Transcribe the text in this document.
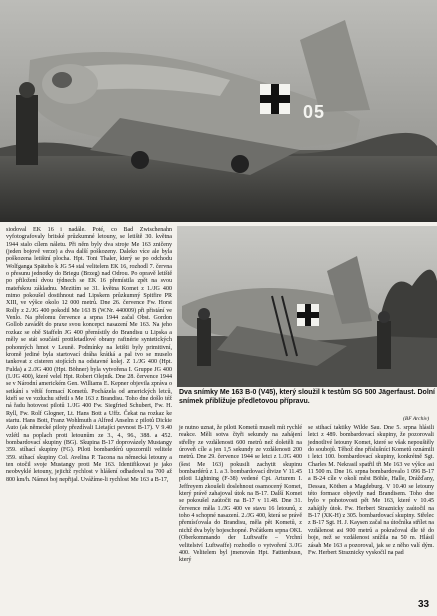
05

siodoval EK 16 i nadále. Poté, co Bad Zwischenahn vyfotografovaly britské průzkumné letouny, se letiště 30. května 1944 stalo cílem náletu. Při něm byly dva stroje Me 163 zničeny (jeden bojově verze) a dva další poškozeny. Daleko více ale byla poškozena letištní plocha. Hpt. Toni Thaler, který se po odchodu Wolfganga Späteho k JG 54 stal velitelem EK 16, rozhodl 7. června o přesunu jednotky do Briegu (Brzeg) nad Odrou. Po opravě letiště po přiložení dvou týdnech se EK 16 přemístila zpět na svou mateřskou základnu. Mezitím se 31. května Komet z 1./JG 400 mimo pokoušel dostihnout nad Lipskem průzkumný Spitfire PR XIII, ve výšce okolo 12 000 metrů. Dne 26. července Fw. Horst Rolly z 2./JG 400 pokodil Me 163 B (W.Nr. 440009) při přistání ve Venlo. Na přelomu července a srpna 1944 začal Obst. Gordon Gollob zavádět do praxe svou koncepci nasazení Me 163. Na jeho rozkaz se obě Staffeln JG 400 přemístily do Brandisu u Lipska a měly se stát součástí protiletadlové obrany rafinérie syntetických pohonných hmot v Leuně. Podmínky na letišti byly primitivní, kromě jediné byla startovací dráha krátká a pal tvo se muselo tankovat z cisteren stojících na odstavné kolej. Z 1./JG 400 (Hpt. Fulda) a 2./JG 400 (Hpt. Böhner) byla vytvořena I. Gruppe JG 400 (I./JG 400), které velel Hpt. Robert Olejnik. Dne 28. července 1944 se v Národní americkém Gen. Williams E. Kepner objevila zpráva o setkání s větší formací Kometů. Pocházela od amerických letců, kteří se ve vzduchu střetli s Me 163 z Brandisu. Toho dne došlo též ná řadu hotovost pilotů 1./JG 400 Fw. Siegfried Schubert, Fw. H. Ryll, Fw. Rolf Glogner, Lt. Hans Bott a Uffz. Čekat na rozkaz ke startu. Hans Bott, Franz Wohlmuth a Alfred Anselm z pilotů Dickie Auto (ak německé piloty přezdívali Lietajíci pevnost B-17). V 9.40 vzlétl na poplach proti letounům ze 3., 4., 96., 388. a 452. bombardovací skupiny (BG). Skupina B-17 doprovázely Mustangy 359. stíhací skupiny (FG). Piloti bombardérů upozornili velitele 359. stíhací skupiny Col. Avelina P. Tacona na německá letouny a ten otočil svoje Mustangy proti Me 163. Identifikovat je jako neobvyklé letouny, jejichž rychlost v hlášení odhadoval na 700 až 800 km/h. Námoi boj nepřijal. Uvážíme-li rychlost Me 163 a B-17,

Dva snímky Me 163 B-0 (V45), který sloužil k testům SG 500 Jägerfaust. Dolní snímek přibližuje předletovou přípravu.
(BF Archiv)

je nutno uznat, že piloti Kometů museli mít rychlé reakce. Měli sotva čtyři sekundy na zahájení střelby ze vzdálenosti 600 metrů než doletěli na úroveň cíle a jen 1,5 sekundy ze vzdálenosti 200 metrů. Dne 29. července 1944 se letci z 1./JG 400 (šest Me 163) pokusili zachytit skupinu bombardérů z 1. a 3. bombardovací divize V 11.45 piloti Lightning (F-38) vedené Cpt. Arturem I. Jeffreyem zkoušeli doslehnout osamocený Komet, který právě zahajoval útok na B-17. Další Komet se pokoušel zaútočit na B-17 v 11.48. Dne 31. července měla 1./JG 400 ve stavu 16 letounů, z toho 4 schopné nasazení. 2./JG 400, která se právě přemísťovala do Brandisu, měla pět Kometů, z nichž dva byly bojeschopné. Počátkem srpna OKL (Oberkommando der Luftwaffe – Vrchní velitelství Luftwaffe) rozhodlo o vytvoření 3./JG 400. Velitelem byl jmenován Hpt. Fatttenbusn, který

se stihací taktiky Wilde Sau. Dne 5. srpna hlásili letci z 489. bombardovací skupiny, že pozorovali jednotlivé letouny Komet, které se však nepouštěly do soubojů. Těhož dne příslušníci Kometů oznámili i letci 100. bombardovací skupiny, konkrétně Sgt. Charles M. Nekrasil spatřil tři Me 163 ve výšce asi 11 500 m. Dne 16. srpna bombardovalo 1 096 B-17 a B-24 cíle v okolí měst Böhle, Halle, Drážďany, Dessau, Köthen a Magdeburg. V 10.40 se letouny této formace objevily nad Brandisem. Toho dne bylo v pohotovosti pět Me 163, které v 10.45 zahájily útok. Fw. Herbert Straznicky zaútočil na B-17 (XK-H) z 305. bombardovací skupiny. Střelec z B-17 Sgt. H. J. Kaysen začal na útočníka střílet na vzdálenost asi 900 metrů a pokračoval dle tě do boje, než se vzdálenost snížila na 50 m. Hlásil zásah Me 163 a pozoroval, jak se z něho valí dým. Fw. Herbert Straznicky vyskočil na pad

33
